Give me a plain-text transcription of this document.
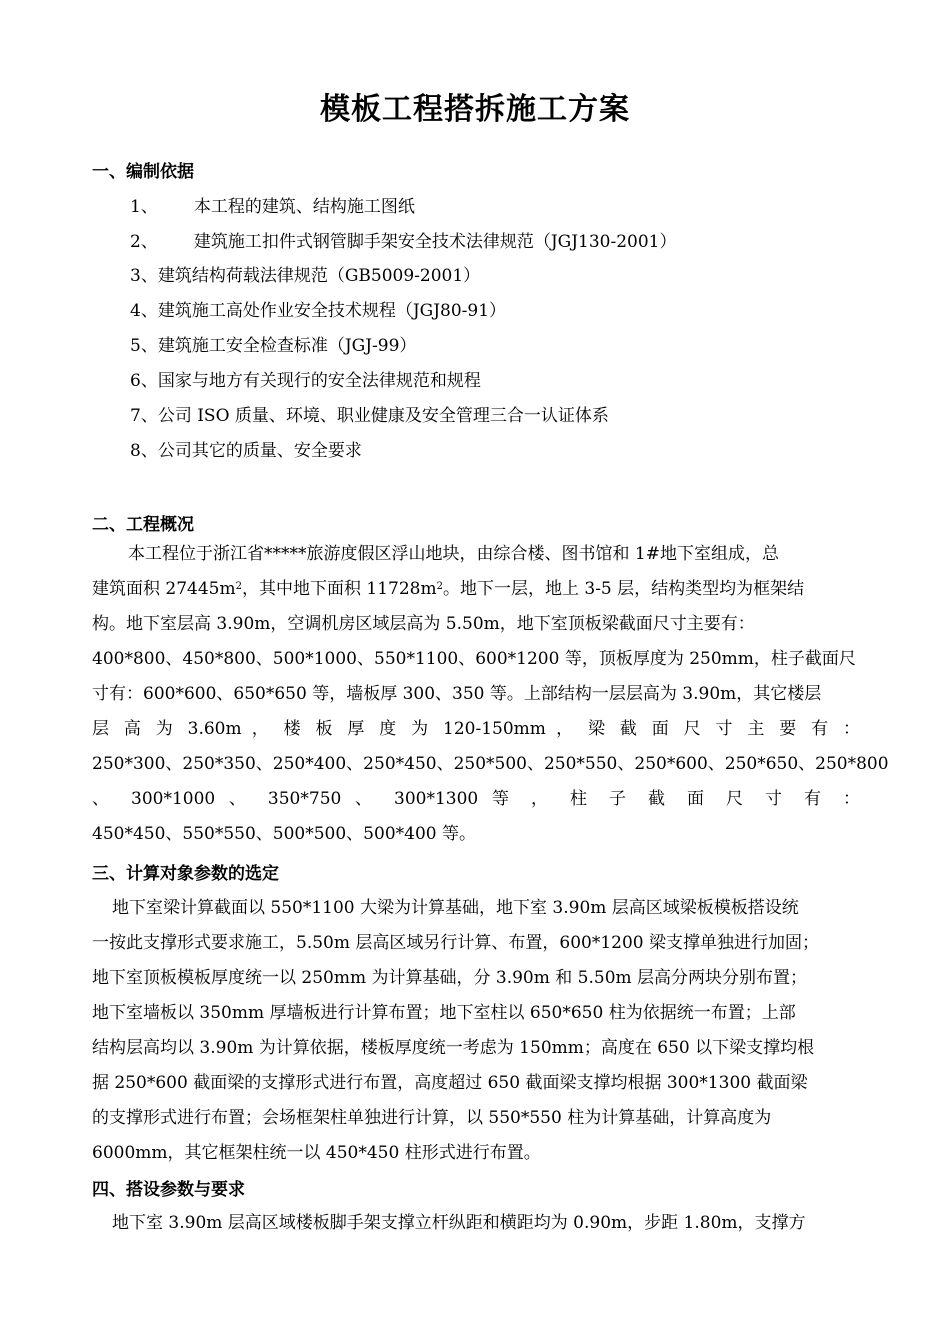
模板工程搭拆施工方案
一、编制依据
1、 本工程的建筑、结构施工图纸
2、 建筑施工扣件式钢管脚手架安全技术法律规范（JGJ130-2001）
3、建筑结构荷载法律规范（GB5009-2001）
4、建筑施工高处作业安全技术规程（JGJ80-91）
5、建筑施工安全检查标准（JGJ-99）
6、国家与地方有关现行的安全法律规范和规程
7、公司 ISO 质量、环境、职业健康及安全管理三合一认证体系
8、公司其它的质量、安全要求
二、工程概况
本工程位于浙江省*****旅游度假区浮山地块，由综合楼、图书馆和 1#地下室组成，总
建筑面积 $27445m^2$，其中地下面积 $11728m^2$。地下一层，地上 3-5 层，结构类型均为框架结
构。地下室层高 3.90m，空调机房区域层高为 5.50m，地下室顶板梁截面尺寸主要有：
400*800、450*800、500*1000、550*1100、600*1200 等，顶板厚度为 250mm，柱子截面尺
寸有：600*600、650*650 等，墙板厚 300、350 等。上部结构一层层高为 3.90m，其它楼层
层 高 为 3.60m ， 楼 板 厚 度 为 120-150mm ， 梁 截 面 尺 寸 主 要 有 ：
250*300、250*350、250*400、250*450、250*500、250*550、250*600、250*650、250*800
、 300*1000 、 350*750 、 300*1300 等 ， 柱 子 截 面 尺 寸 有 ：
450*450、550*550、500*500、500*400 等。
三、计算对象参数的选定
地下室梁计算截面以 550*1100 大梁为计算基础，地下室 3.90m 层高区域梁板模板搭设统
一按此支撑形式要求施工，5.50m 层高区域另行计算、布置，600*1200 梁支撑单独进行加固；
地下室顶板模板厚度统一以 250mm 为计算基础，分 3.90m 和 5.50m 层高分两块分别布置；
地下室墙板以 350mm 厚墙板进行计算布置；地下室柱以 650*650 柱为依据统一布置；上部
结构层高均以 3.90m 为计算依据，楼板厚度统一考虑为 150mm；高度在 650 以下梁支撑均根
据 250*600 截面梁的支撑形式进行布置，高度超过 650 截面梁支撑均根据 300*1300 截面梁
的支撑形式进行布置；会场框架柱单独进行计算，以 550*550 柱为计算基础，计算高度为
6000mm，其它框架柱统一以 450*450 柱形式进行布置。
四、搭设参数与要求
地下室 3.90m 层高区域楼板脚手架支撑立杆纵距和横距均为 0.90m，步距 1.80m，支撑方
